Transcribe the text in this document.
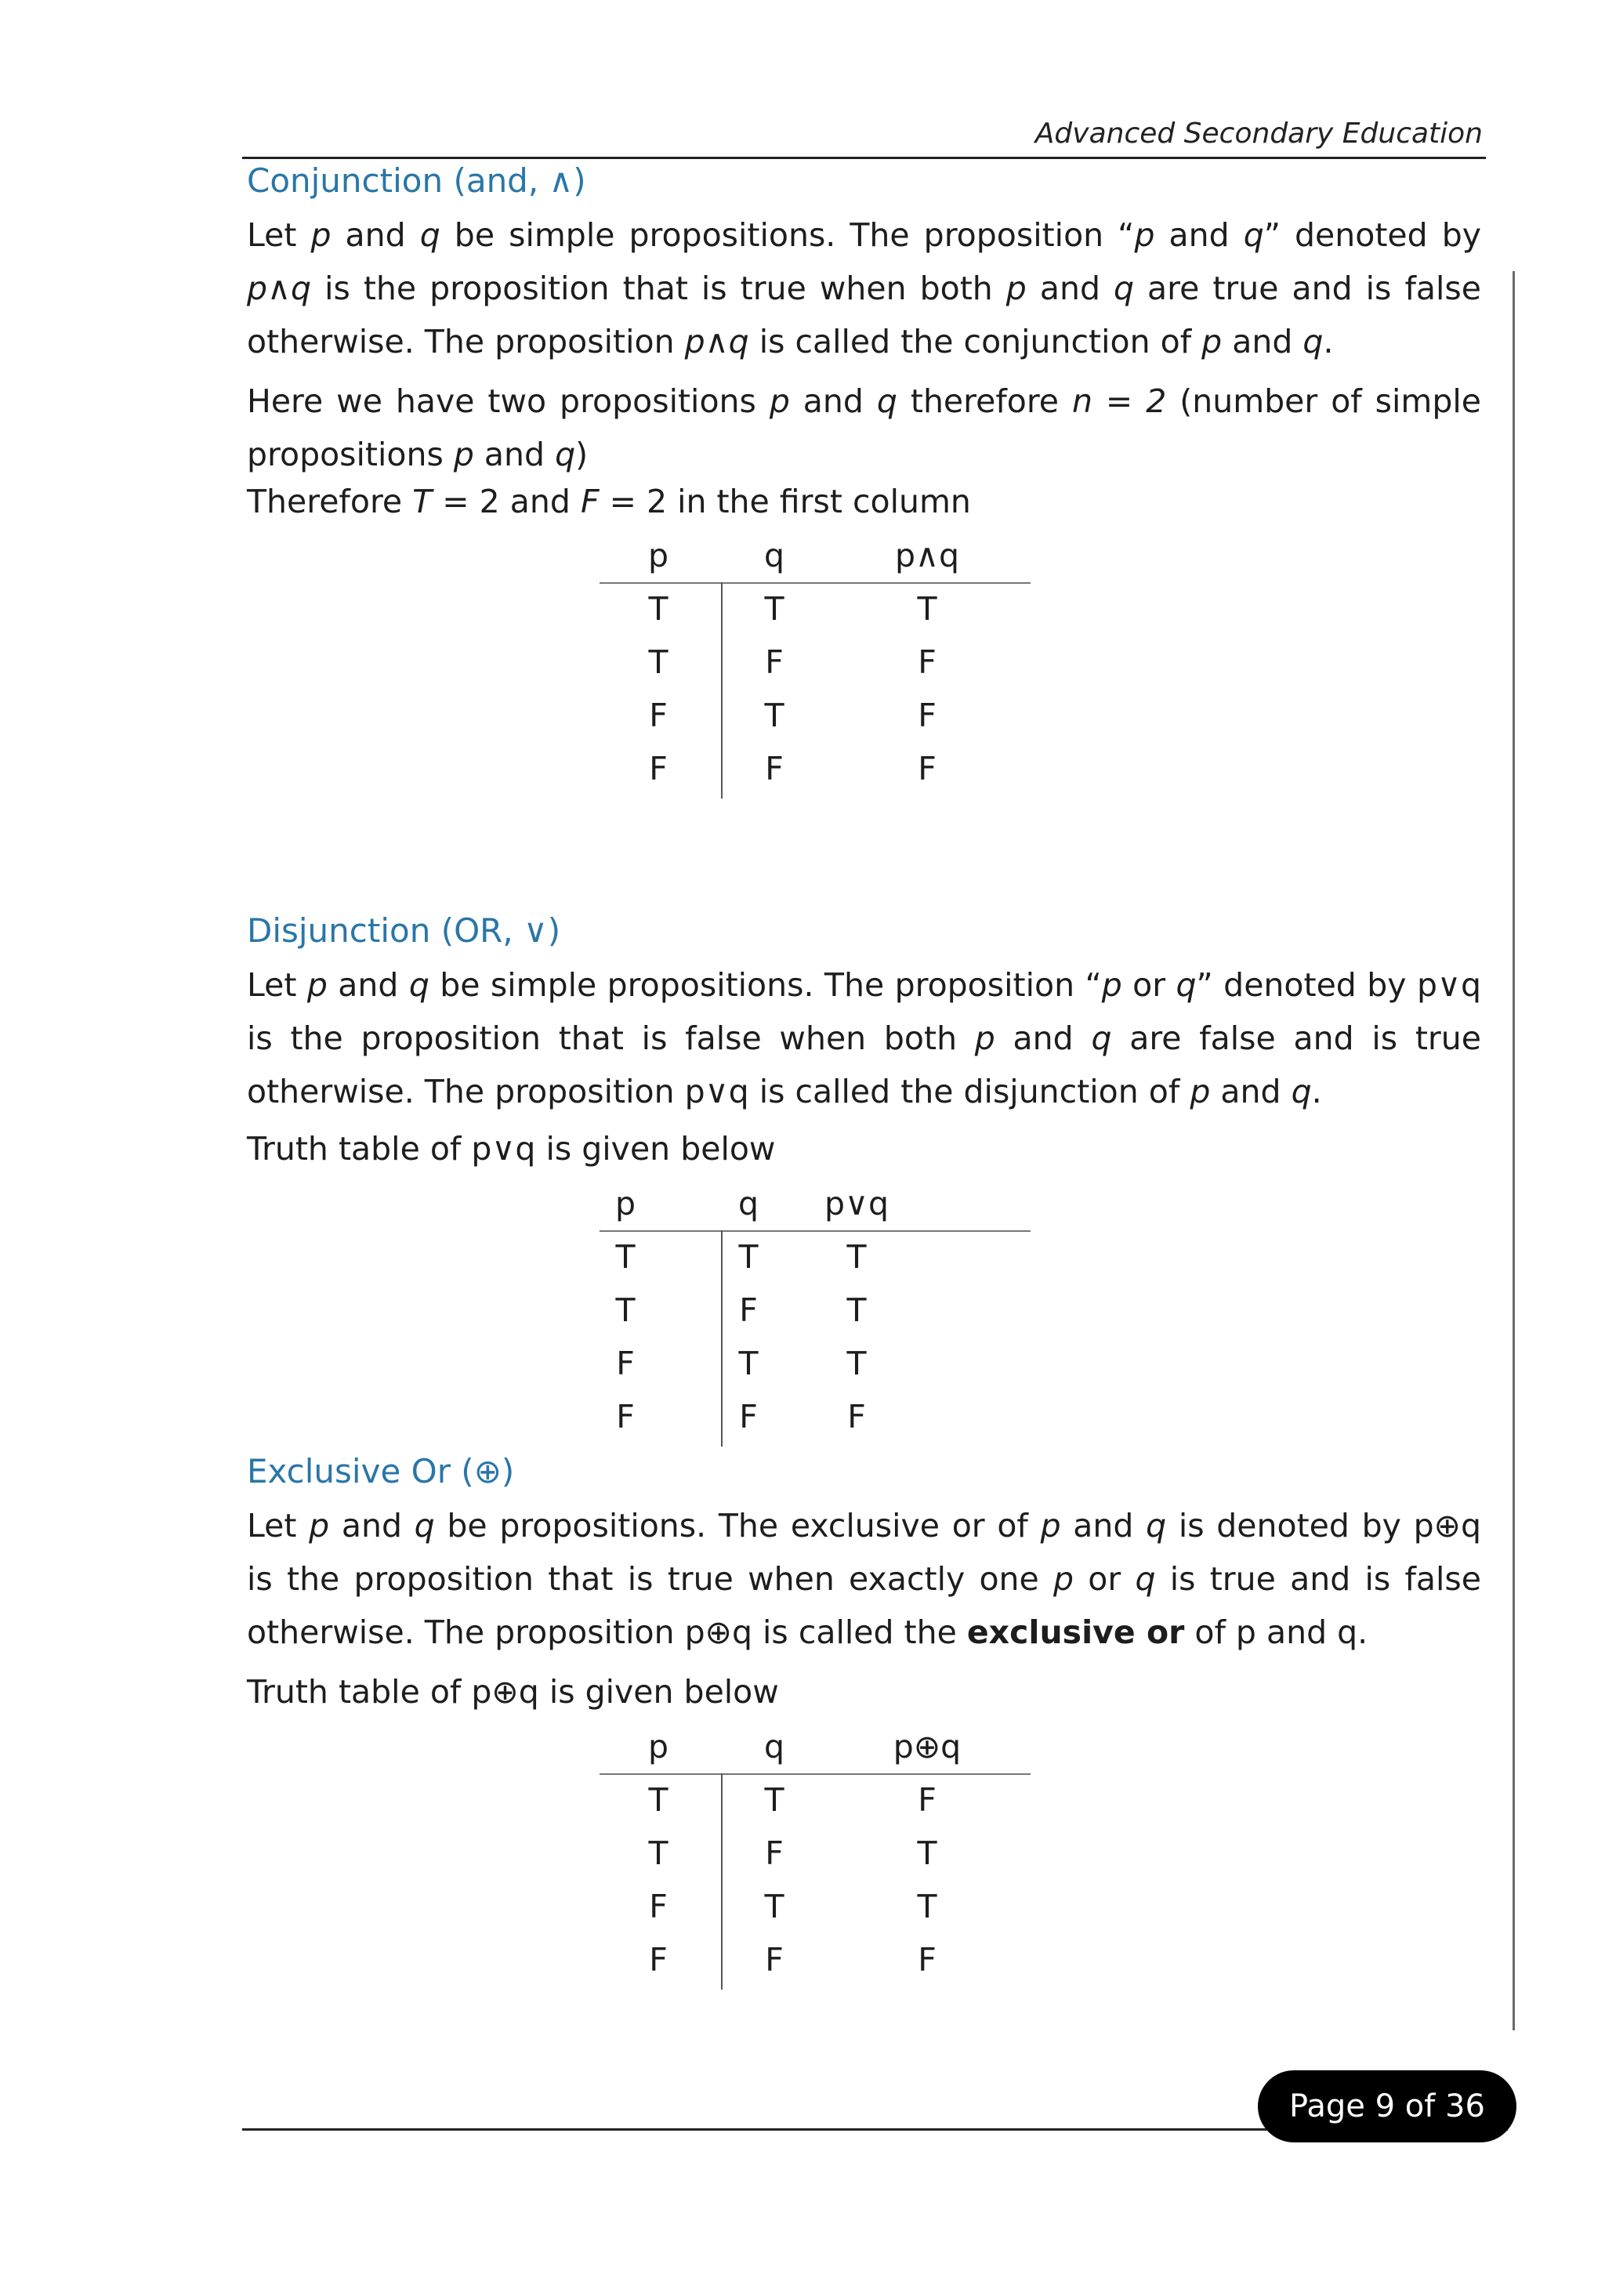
Advanced Secondary Education
Conjunction (and, ∧)
Let p and q be simple propositions. The proposition “p and q” denoted by p∧q is the proposition that is true when both p and q are true and is false otherwise. The proposition p∧q is called the conjunction of p and q.
Here we have two propositions p and q therefore n = 2 (number of simple propositions p and q)
Therefore T = 2 and F = 2 in the first column
p	q	p∧q
T	T	T
T	F	F
F	T	F
F	F	F
Disjunction (OR, ∨)
Let p and q be simple propositions. The proposition “p or q” denoted by p∨q is the proposition that is false when both p and q are false and is true otherwise. The proposition p∨q is called the disjunction of p and q.
Truth table of p∨q is given below
p	q	p∨q
T	T	T
T	F	T
F	T	T
F	F	F
Exclusive Or (⊕)
Let p and q be propositions. The exclusive or of p and q is denoted by p⊕q is the proposition that is true when exactly one p or q is true and is false otherwise. The proposition p⊕q is called the exclusive or of p and q.
Truth table of p⊕q is given below
p	q	p⊕q
T	T	F
T	F	T
F	T	T
F	F	F
Page 9 of 36
